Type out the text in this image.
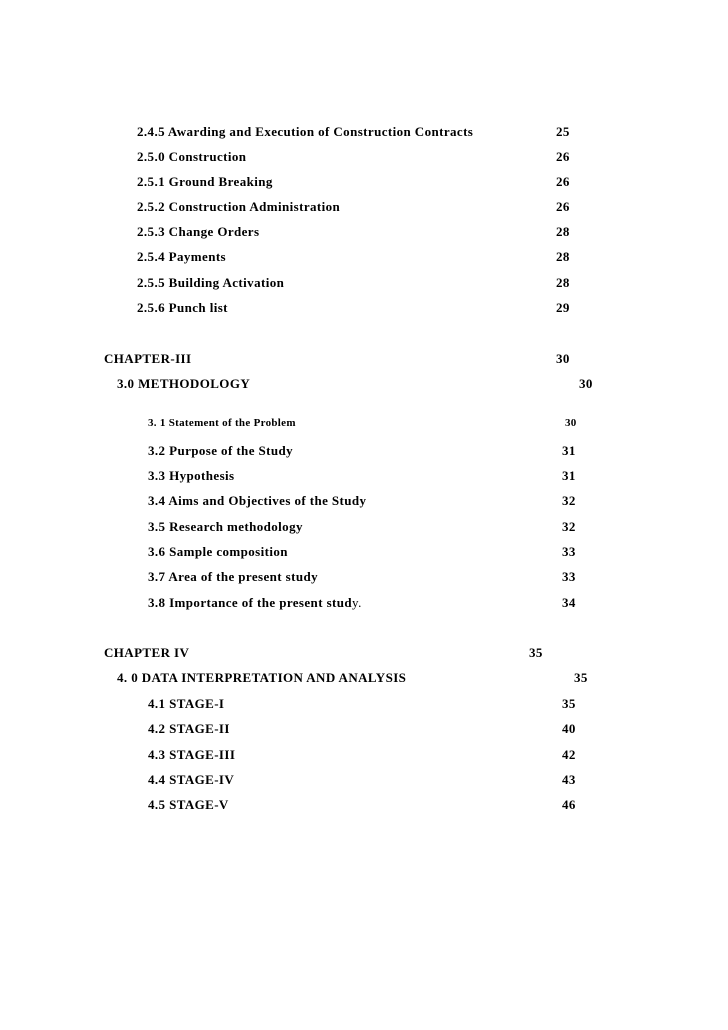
2.4.5 Awarding and Execution of Construction Contracts	25
2.5.0 Construction	26
2.5.1 Ground Breaking	26
2.5.2 Construction Administration	26
2.5.3 Change Orders	28
2.5.4 Payments	28
2.5.5 Building Activation	28
2.5.6 Punch list	29
CHAPTER-III	30
3.0 METHODOLOGY	30
3. 1 Statement of the Problem	30
3.2 Purpose of the Study	31
3.3 Hypothesis	31
3.4 Aims and Objectives of the Study	32
3.5 Research methodology	32
3.6 Sample composition	33
3.7 Area of the present study	33
3.8 Importance of the present study.	34
CHAPTER IV	35
4. 0 DATA INTERPRETATION AND ANALYSIS	35
4.1 STAGE-I	35
4.2 STAGE-II	40
4.3 STAGE-III	42
4.4 STAGE-IV	43
4.5 STAGE-V	46
